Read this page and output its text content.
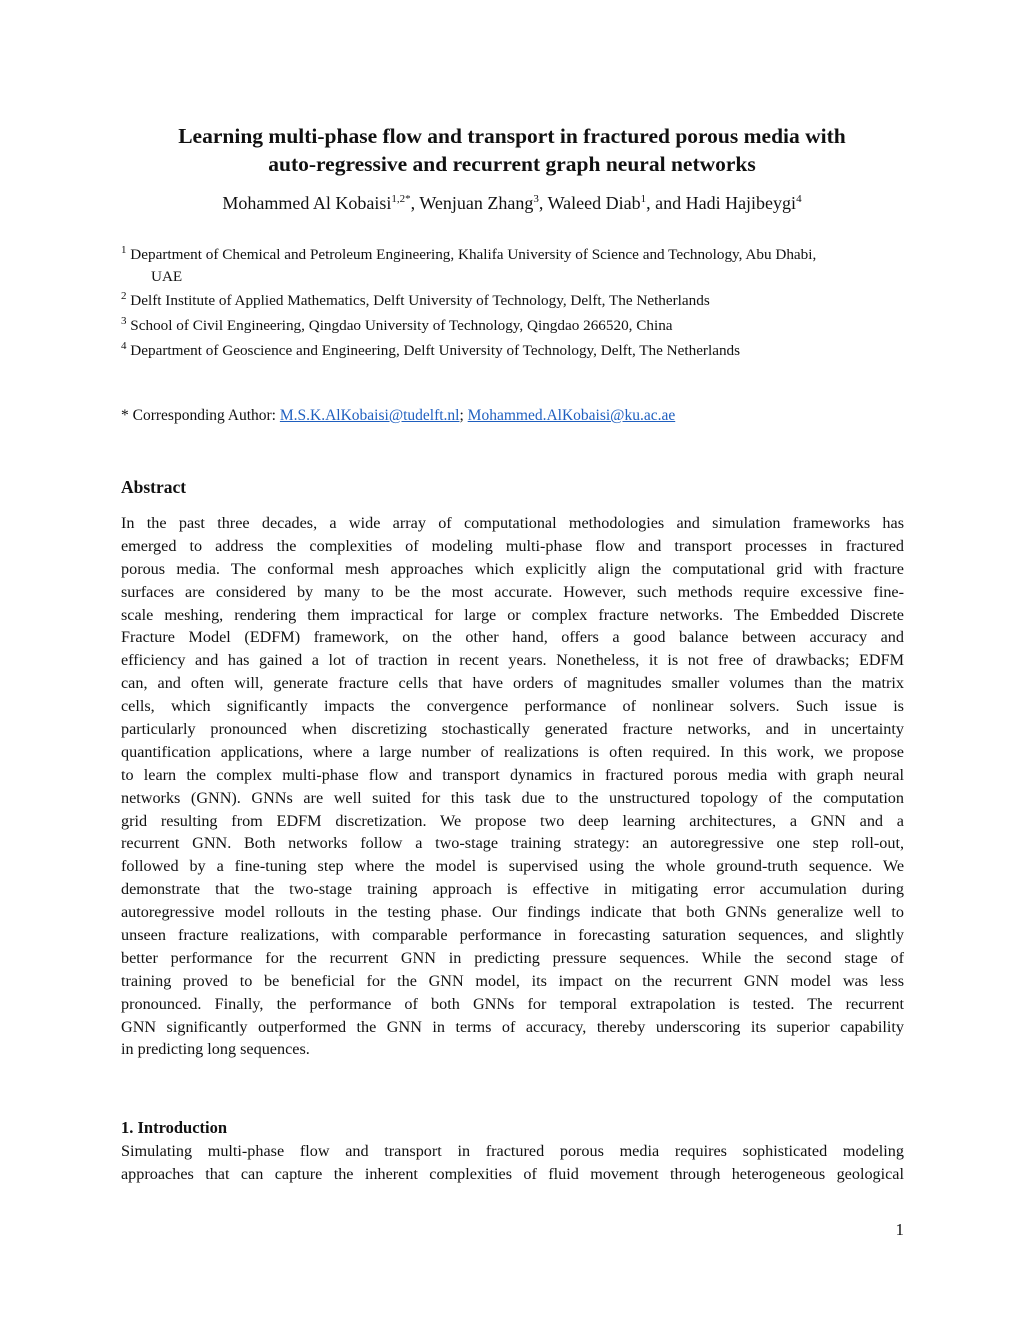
Learning multi-phase flow and transport in fractured porous media with
auto-regressive and recurrent graph neural networks
Mohammed Al Kobaisi$^{1,2*}$, Wenjuan Zhang$^3$, Waleed Diab$^1$, and Hadi Hajibeygi$^4$
$^1$ Department of Chemical and Petroleum Engineering, Khalifa University of Science and Technology, Abu Dhabi,
UAE
$^2$ Delft Institute of Applied Mathematics, Delft University of Technology, Delft, The Netherlands
$^3$ School of Civil Engineering, Qingdao University of Technology, Qingdao 266520, China
$^4$ Department of Geoscience and Engineering, Delft University of Technology, Delft, The Netherlands
* Corresponding Author: M.S.K.AlKobaisi@tudelft.nl; Mohammed.AlKobaisi@ku.ac.ae
Abstract
In the past three decades, a wide array of computational methodologies and simulation frameworks has
emerged to address the complexities of modeling multi-phase flow and transport processes in fractured
porous media. The conformal mesh approaches which explicitly align the computational grid with fracture
surfaces are considered by many to be the most accurate. However, such methods require excessive fine-
scale meshing, rendering them impractical for large or complex fracture networks. The Embedded Discrete
Fracture Model (EDFM) framework, on the other hand, offers a good balance between accuracy and
efficiency and has gained a lot of traction in recent years. Nonetheless, it is not free of drawbacks; EDFM
can, and often will, generate fracture cells that have orders of magnitudes smaller volumes than the matrix
cells, which significantly impacts the convergence performance of nonlinear solvers. Such issue is
particularly pronounced when discretizing stochastically generated fracture networks, and in uncertainty
quantification applications, where a large number of realizations is often required. In this work, we propose
to learn the complex multi-phase flow and transport dynamics in fractured porous media with graph neural
networks (GNN). GNNs are well suited for this task due to the unstructured topology of the computation
grid resulting from EDFM discretization. We propose two deep learning architectures, a GNN and a
recurrent GNN. Both networks follow a two-stage training strategy: an autoregressive one step roll-out,
followed by a fine-tuning step where the model is supervised using the whole ground-truth sequence. We
demonstrate that the two-stage training approach is effective in mitigating error accumulation during
autoregressive model rollouts in the testing phase. Our findings indicate that both GNNs generalize well to
unseen fracture realizations, with comparable performance in forecasting saturation sequences, and slightly
better performance for the recurrent GNN in predicting pressure sequences. While the second stage of
training proved to be beneficial for the GNN model, its impact on the recurrent GNN model was less
pronounced. Finally, the performance of both GNNs for temporal extrapolation is tested. The recurrent
GNN significantly outperformed the GNN in terms of accuracy, thereby underscoring its superior capability
in predicting long sequences.
1. Introduction
Simulating multi-phase flow and transport in fractured porous media requires sophisticated modeling
approaches that can capture the inherent complexities of fluid movement through heterogeneous geological
1
